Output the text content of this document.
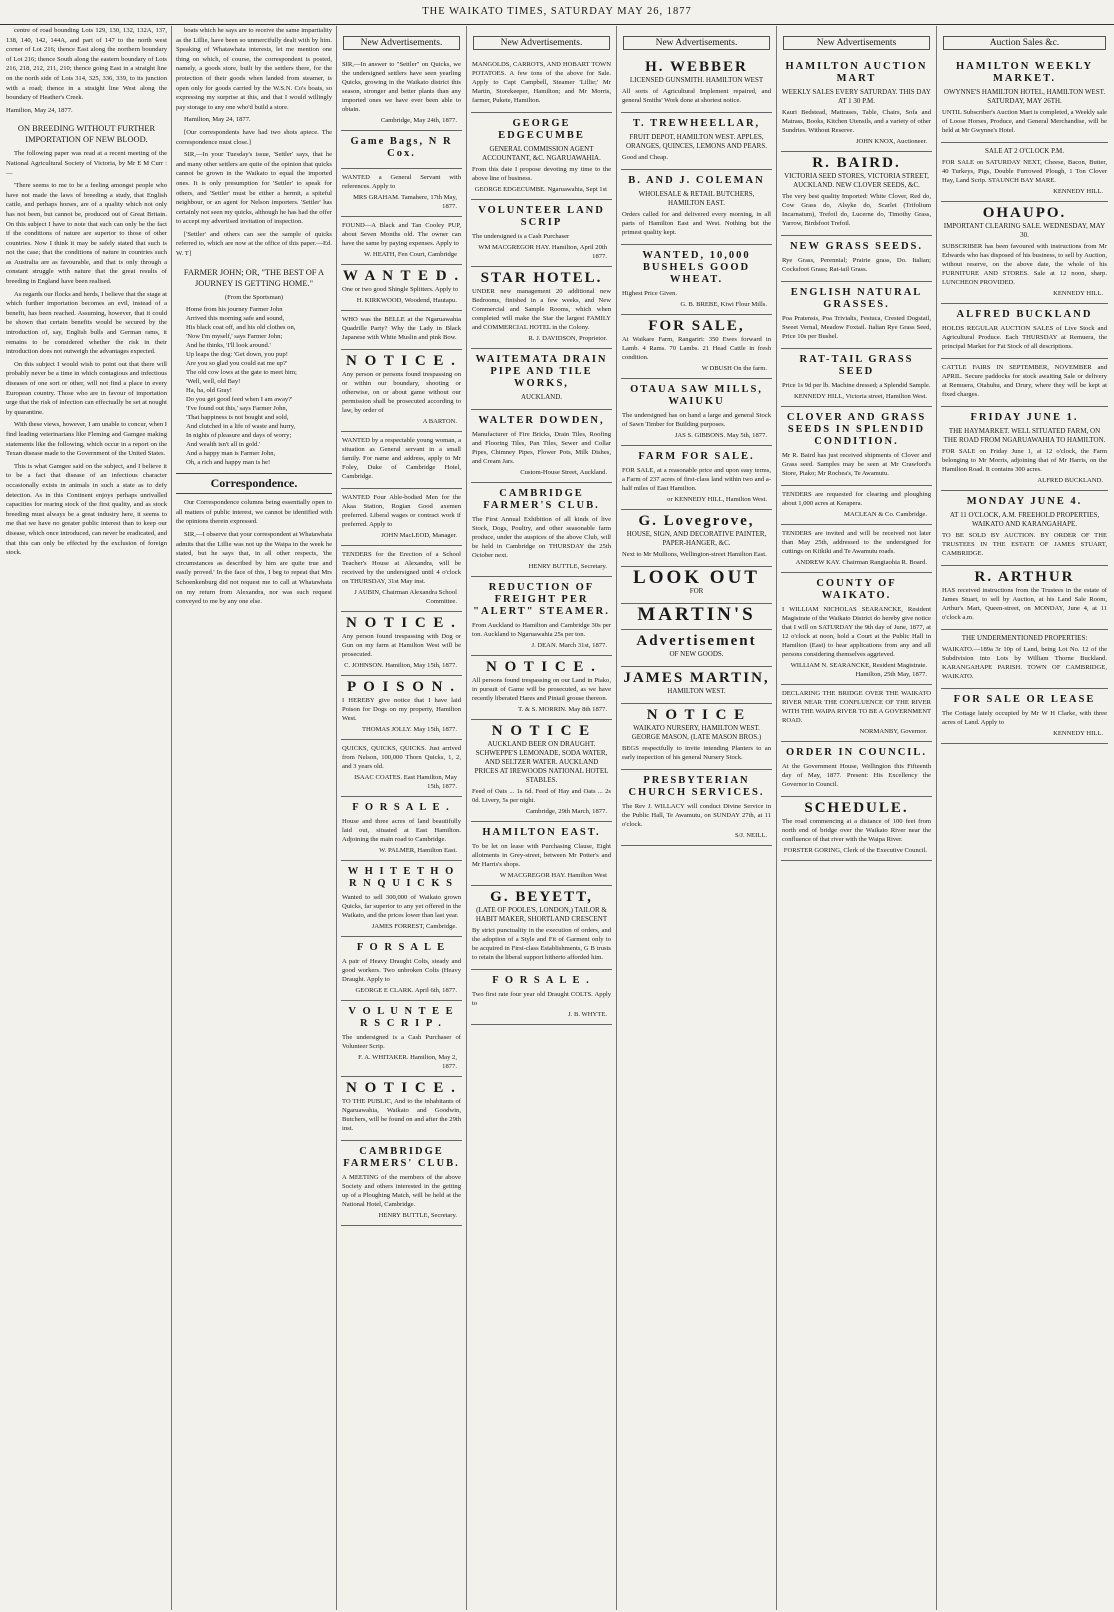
THE WAIKATO TIMES, SATURDAY MAY 26, 1877

centre of road bounding Lots 129, 130, 132, 132A, 137, 138, 140, 142, 144A, and part of 147 to the north west corner of Lot 216; thence East along the northern boundary of Lot 216; thence South along the eastern boundary of Lots 216, 218, 212, 211, 210; thence going East in a straight line on the north side of Lots 314, 325, 336, 339, to its junction with a road; thence in a straight line West along the boundary of Heather's Creek.

Hamilton, May 24, 1877.

ON BREEDING WITHOUT FURTHER IMPORTATION OF NEW BLOOD.

The following paper was read at a recent meeting of the National Agricultural Society of Victoria, by Mr E M Curr :—

'There seems to me to be a feeling amongst people who have not made the laws of breeding a study, that English cattle, and perhaps horses, are of a quality which not only has not been, but cannot be, produced out of Great Britain. On this subject I have to note that such can only be the fact if the conditions of nature are superior to those of other countries. Now I think it may be safely stated that such is not the case; that the conditions of nature in countries such as Australia are as favourable, and that is only through a constant struggle with nature that the great results of breeding in England have been realised.

As regards our flocks and herds, I believe that the stage at which further importation becomes an evil, instead of a benefit, has been reached. Assuming, however, that it could be shown that certain benefits would be secured by the introduction of, say, English bulls and German rams, it remains to be considered whether the risk in their introduction does not outweigh the advantages expected.

On this subject I would wish to point out that there will probably never be a time in which contagious and infectious diseases of one sort or other, will not find a place in every European country. Those who are in favour of importation urge that the risk of infection can effectually be set at nought by quarantine.

With these views, however, I am unable to concur, when I find leading veterinarians like Fleming and Gamgee making statements like the following, which occur in a report on the Texan disease made to the Government of the United States.

This is what Gamgee said on the subject, and I believe it to be a fact that disease of an infectious character occasionally exists in animals in such a state as to defy detection. As in this Continent enjoys perhaps unrivalled capacities for rearing stock of the first quality, and as stock breeding must always be a great industry here, it seems to me that we have no greater public interest than to keep our disease, which once introduced, can never be eradicated, and that this can only be effected by the exclusion of foreign stock.

boats which he says are to receive the same impartiality as the Lillie, have been so unmercifully dealt with by him. Speaking of Whatawhata interests, let me mention one thing on which, of course, the correspondent is posted, namely, a goods store, built by the settlers there, for the protection of their goods when landed from steamer, is open only for goods carried by the W.S.N. Co's boats, so expressing my surprise at this, and that I would willingly pay storage to any one who'd build a store.

Hamilton, May 24, 1877.

[Our correspondents have had two shots apiece. The correspondence must close.]

SIR,—In your Tuesday's issue, 'Settler' says, that he and many other settlers are quite of the opinion that quicks cannot be grown in the Waikato to equal the imported ones. It is only presumption for 'Settler' to speak for others, and 'Settler' must be either a hermit, a spiteful neighbour, or an agent for Nelson importers. 'Settler' has certainly not seen my quicks, although he has had the offer to accept my advertised invitation of inspection.

['Settler' and others can see the sample of quicks referred to, which are now at the office of this paper.—Ed. W. T]

FARMER JOHN; OR, "THE BEST OF A JOURNEY IS GETTING HOME."

(From the Sportsman)

Home from his journey Farmer John
Arrived this morning safe and sound,
His black coat off, and his old clothes on,
'Now I'm myself,' says Farmer John;
And he thinks, 'I'll look around.'
Up leaps the dog: 'Get down, you pup!
Are you so glad you could eat me up?'
The old cow lows at the gate to meet him;
'Well, well, old Bay!
Ha, ha, old Gray!
Do you get good feed when I am away?'
'I've found out this,' says Farmer John,
'That happiness is not bought and sold,
And clutched in a life of waste and hurry,
In nights of pleasure and days of worry;
And wealth isn't all in gold.'
And a happy man is Farmer John,
Oh, a rich and happy man is he!
Correspondence.

Our Correspondence columns being essentially open to all matters of public interest, we cannot be identified with the opinions therein expressed.

SIR,—I observe that your correspondent at Whatawhata admits that the Lillie was not up the Waipa in the week he stated, but he says that, in all other respects, 'the circumstances as described by him are quite true and easily proved.' In the face of this, I beg to repeat that Mrs Schoenkenburg did not request me to call at Whatawhata on my return from Alexandra, nor was such request conveyed to me by any one else.

New Advertisements.
SIR,—In answer to "Settler" on Quicks, we the undersigned settlers have seen yearling Quicks, growing in the Waikato district this season, stronger and better plants than any imported ones we have ever been able to obtain.
Cambridge, May 24th, 1877.
Game Bags, N R Cox.
WANTED a General Servant with references. Apply to
MRS GRAHAM. Tamahere, 17th May, 1877.
FOUND—A Black and Tan Cooley PUP, about Seven Months old. The owner can have the same by paying expenses. Apply to
W. HEATH, Fen Court, Cambridge
W A N T E D .
One or two good Shingle Splitters. Apply to
H. KIRKWOOD, Woodend, Hautapu.
WHO was the BELLE at the Ngaruawahia Quadrille Party? Why the Lady in Black Japanese with White Muslin and pink Bow.
N O T I C E .
Any person or persons found trespassing on or within our boundary, shooting or otherwise, on or about game without our permission shall be prosecuted according to law, by order of
A BARTON.
WANTED by a respectable young woman, a situation as General servant in a small family. For name and address, apply to Mr Foley, Duke of Cambridge Hotel, Cambridge.
WANTED Four Able-bodied Men for the Akaa Station, Rogian Good axemen preferred. Liberal wages or contract work if preferred. Apply to
JOHN MacLEOD, Manager.
TENDERS for the Erection of a School Teacher's House at Alexandra, will be received by the undersigned until 4 o'clock on THURSDAY, 31st May inst.
J AUBIN, Chairman Alexandra School Committee.
N O T I C E .
Any person found trespassing with Dog or Gun on my farm at Hamilton West will be prosecuted.
C. JOHNSON. Hamilton, May 15th, 1877.
P O I S O N .
I HEREBY give notice that I have laid Poison for Dogs on my property, Hamilton West.
THOMAS JOLLY. May 15th, 1877.
QUICKS, QUICKS, QUICKS. Just arrived from Nelson, 100,000 Thorn Quicks, 1, 2, and 3 years old.
ISAAC COATES. East Hamilton, May 15th, 1877.
F O R S A L E .
House and three acres of land beautifully laid out, situated at East Hamilton. Adjoining the main road to Cambridge.
W. PALMER, Hamilton East.
W H I T E T H O R N Q U I C K S
Wanted to sell 300,000 of Waikato grown Quicks, far superior to any yet offered in the Waikato, and the prices lower than last year.
JAMES FORREST, Cambridge.
F O R S A L E
A pair of Heavy Draught Colts, steady and good workers. Two unbroken Colts (Heavy Draught. Apply to
GEORGE E CLARK. April 6th, 1877.
V O L U N T E E R S C R I P .
The undersigned is a Cash Purchaser of Volunteer Scrip.
F. A. WHITAKER. Hamilton, May 2, 1877.
N O T I C E .
TO THE PUBLIC, And to the inhabitants of Ngaruawahia, Waikato and Goodwin, Butchers, will be found on and after the 29th inst.
CAMBRIDGE FARMERS' CLUB.
A MEETING of the members of the above Society and others interested in the getting up of a Ploughing Match, will be held at the National Hotel, Cambridge.
HENRY BUTTLE, Secretary.
New Advertisements.
MANGOLDS, CARROTS, AND HOBART TOWN POTATOES. A few tons of the above for Sale. Apply to Capt Campbell, Steamer 'Lillie;' Mr Martin, Storekeeper, Hamilton; and Mr Morris, farmer, Pukete, Hamilton.
GEORGE EDGECUMBE
GENERAL COMMISSION AGENT ACCOUNTANT, &C. NGARUAWAHIA.
From this date I propose devoting my time to the above line of business.
GEORGE EDGECUMBE. Ngaruawahia, Sept 1st
VOLUNTEER LAND SCRIP
The undersigned is a Cash Purchaser
WM MACGREGOR HAY. Hamilton, April 20th 1877.
STAR HOTEL.
UNDER new management 20 additional new Bedrooms, finished in a few weeks, and New Commercial and Sample Rooms, which when completed will make the Star the largest FAMILY and COMMERCIAL HOTEL in the Colony.
R. J. DAVIDSON, Proprietor.
WAITEMATA DRAIN PIPE AND TILE WORKS,
AUCKLAND.
WALTER DOWDEN,
Manufacturer of Fire Bricks, Drain Tiles, Roofing and Flooring Tiles, Pan Tiles, Sewer and Collar Pipes, Chimney Pipes, Flower Pots, Milk Dishes, and Cream Jars.
Custom-House Street, Auckland.
CAMBRIDGE FARMER'S CLUB.
The First Annual Exhibition of all kinds of live Stock, Dogs, Poultry, and other seasonable farm produce, under the auspices of the above Club, will be held in Cambridge on THURSDAY the 25th October next.
HENRY BUTTLE, Secretary.
REDUCTION OF FREIGHT PER "ALERT" STEAMER.
From Auckland to Hamilton and Cambridge 30s per ton. Auckland to Ngaruawahia 25s per ton.
J. DEAN. March 31st, 1877.
N O T I C E .
All persons found trespassing on our Land in Piako, in pursuit of Game will be prosecuted, as we have recently liberated Hares and Pintail grouse thereon.
T. & S. MORRIN. May 8th 1877.
N O T I C E
AUCKLAND BEER ON DRAUGHT. SCHWEPPE'S LEMONADE, SODA WATER, AND SELTZER WATER. AUCKLAND PRICES AT IREWOODS NATIONAL HOTEL STABLES.
Feed of Oats ... 1s 6d. Feed of Hay and Oats ... 2s 0d. Livery, 5s per night.
Cambridge, 29th March, 1877.
HAMILTON EAST.
To be let on lease with Purchasing Clause, Eight allotments in Grey-street, between Mr Potter's and Mr Harris's shops.
W MACGREGOR HAY. Hamilton West
G. BEYETT,
(LATE OF POOLE'S, LONDON,) TAILOR & HABIT MAKER, SHORTLAND CRESCENT
By strict punctuality in the execution of orders, and the adoption of a Style and Fit of Garment only to be acquired in First-class Establishments, G B trusts to retain the liberal support hitherto afforded him.
F O R S A L E .
Two first rate four year old Draught COLTS. Apply to
J. B. WHYTE.
New Advertisements.
H. WEBBER
LICENSED GUNSMITH. HAMILTON WEST
All sorts of Agricultural Implement repaired, and general Smiths' Work done at shortest notice.
T. TREWHEELLAR,
FRUIT DEPOT, HAMILTON WEST. APPLES, ORANGES, QUINCES, LEMONS AND PEARS.
Good and Cheap.
B. AND J. COLEMAN
WHOLESALE & RETAIL BUTCHERS, HAMILTON EAST.
Orders called for and delivered every morning, in all parts of Hamilton East and West. Nothing but the primest quality kept.
WANTED, 10,000 BUSHELS GOOD WHEAT.
Highest Price Given.
G. B. BREBE, Kiwi Flour Mills.
FOR SALE,
At Waikare Farm, Rangariri: 350 Ewes forward in Lamb. 4 Rams. 70 Lambs. 21 Head Cattle in fresh condition.
W DBUSH On the farm.
OTAUA SAW MILLS, WAIUKU
The undersigned has on hand a large and general Stock of Sawn Timber for Building purposes.
JAS S. GIBBONS. May 5th, 1877.
FARM FOR SALE.
FOR SALE, at a reasonable price and upon easy terms, a Farm of 237 acres of first-class land within two and a-half miles of East Hamilton.
or KENNEDY HILL, Hamilton West.
G. Lovegrove,
HOUSE, SIGN, AND DECORATIVE PAINTER, PAPER-HANGER, &C.
Next to Mr Mullions, Wellington-street Hamilton East.
LOOK OUT
FOR
MARTIN'S
Advertisement
OF NEW GOODS.
JAMES MARTIN,
HAMILTON WEST.
N O T I C E
WAIKATO NURSERY, HAMILTON WEST. GEORGE MASON, (LATE MASON BROS.)
BEGS respectfully to invite intending Planters to an early inspection of his general Nursery Stock.
PRESBYTERIAN CHURCH SERVICES.
The Rev J. WILLACY will conduct Divine Service in the Public Hall, Te Awamutu, on SUNDAY 27th, at 11 o'clock.
S/J. NEILL.
New Advertisements
HAMILTON AUCTION MART
WEEKLY SALES EVERY SATURDAY. THIS DAY AT 1 30 P.M.
Kauri Bedstead, Mattrases, Table, Chairs, Sofa and Matrass, Books, Kitchen Utensils, and a variety of other Sundries. Without Reserve.
JOHN KNOX, Auctioneer.
R. BAIRD.
VICTORIA SEED STORES, VICTORIA STREET, AUCKLAND. NEW CLOVER SEEDS, &C.
The very best quality Imported: White Clover, Red do, Cow Grass do, Alsyke do, Scarlet (Trifolium Incarnatum), Trefoil do, Lucerne do, Timothy Grass, Yarrow, Birdsfoot Trefoil.
NEW GRASS SEEDS.
Rye Grass, Perennial; Prairie grass, Do. Italian; Cocksfoot Grass; Rat-tail Grass.
ENGLISH NATURAL GRASSES.
Poa Pratensis, Poa Trivialis, Festuca, Crested Dogstail, Sweet Vernal, Meadow Foxtail. Italian Rye Grass Seed, Price 10s per Bushel.
RAT-TAIL GRASS SEED
Price 1s 9d per lb. Machine dressed; a Splendid Sample.
KENNEDY HILL, Victoria street, Hamilton West.
CLOVER AND GRASS SEEDS IN SPLENDID CONDITION.
Mr R. Baird has just received shipments of Clover and Grass seed. Samples may be seen at Mr Crawford's Store, Piako; Mr Rochea's, Te Awamutu.
TENDERS are requested for clearing and ploughing about 1,000 acres at Kerapera.
MACLEAN & Co. Cambridge.
TENDERS are invited and will be received not later than May 25th, addressed to the undersigned for cuttings on Kiikiki and Te Awamutu roads.
ANDREW KAY. Chairman Rangiaohia R. Board.
COUNTY OF WAIKATO.
I WILLIAM NICHOLAS SEARANCKE, Resident Magistrate of the Waikato District do hereby give notice that I will on SATURDAY the 9th day of June, 1877, at 12 o'clock at noon, hold a Court at the Public Hall in Hamilton (East) to hear applications from any and all persons considering themselves aggrieved.
WILLIAM N. SEARANCKE, Resident Magistrate. Hamilton, 25th May, 1877.
DECLARING THE BRIDGE OVER THE WAIKATO RIVER NEAR THE CONFLUENCE OF THE RIVER WITH THE WAIPA RIVER TO BE A GOVERNMENT ROAD.
NORMANBY, Governor.
ORDER IN COUNCIL.
At the Government House, Wellington this Fifteenth day of May, 1877. Present: His Excellency the Governor in Council.
SCHEDULE.
The road commencing at a distance of 100 feet from north end of bridge over the Waikato River near the confluence of that river with the Waipa River.
FORSTER GORING, Clerk of the Executive Council.
Auction Sales &c.
HAMILTON WEEKLY MARKET.
OWYNNE'S HAMILTON HOTEL, HAMILTON WEST. SATURDAY, MAY 26TH.
UNTIL Subscriber's Auction Mart is completed, a Weekly sale of Loose Horses, Produce, and General Merchandise, will be held at Mr Gwynne's Hotel.
SALE AT 2 O'CLOCK P.M.
FOR SALE on SATURDAY NEXT, Cheese, Bacon, Butter, 40 Turkeys, Pigs, Double Furrowed Plough, 1 Ton Clover Hay, Land Scrip. STAUNCH BAY MARE.
KENNEDY HILL.
OHAUPO.
IMPORTANT CLEARING SALE. WEDNESDAY, MAY 30.
SUBSCRIBER has been favoured with instructions from Mr Edwards who has disposed of his business, to sell by Auction, without reserve, on the above date, the whole of his FURNITURE AND STORES. Sale at 12 noon, sharp. LUNCHEON PROVIDED.
KENNEDY HILL.
ALFRED BUCKLAND
HOLDS REGULAR AUCTION SALES of Live Stock and Agricultural Produce. Each THURSDAY at Remuera, the principal Market for Fat Stock of all descriptions.
CATTLE FAIRS IN SEPTEMBER, NOVEMBER and APRIL. Secure paddocks for stock awaiting Sale or delivery at Remuera, Otahuhu, and Drury, where they will be kept at fixed charges.
FRIDAY JUNE 1.
THE HAYMARKET. WELL SITUATED FARM, ON THE ROAD FROM NGARUAWAHIA TO HAMILTON.
FOR SALE on Friday June 1, at 12 o'clock, the Farm belonging to Mr Morris, adjoining that of Mr Harris, on the Hamilton Road. It contains 300 acres.
ALFRED BUCKLAND.
MONDAY JUNE 4.
AT 11 O'CLOCK, A.M. FREEHOLD PROPERTIES, WAIKATO AND KARANGAHAPE.
TO BE SOLD BY AUCTION. BY ORDER OF THE TRUSTEES IN THE ESTATE OF JAMES STUART, CAMBRIDGE.
R. ARTHUR
HAS received instructions from the Trustees in the estate of James Stuart, to sell by Auction, at his Land Sale Room, Arthur's Mart, Queen-street, on MONDAY, June 4, at 11 o'clock a.m.
THE UNDERMENTIONED PROPERTIES:
WAIKATO.—189a 3r 10p of Land, being Lot No. 12 of the Subdivision into Lots by William Thorne Buckland. KARANGAHAPE PARISH. TOWN OF CAMBRIDGE, WAIKATO.
FOR SALE OR LEASE
The Cottage lately occupied by Mr W H Clarke, with three acres of Land. Apply to
KENNEDY HILL.
